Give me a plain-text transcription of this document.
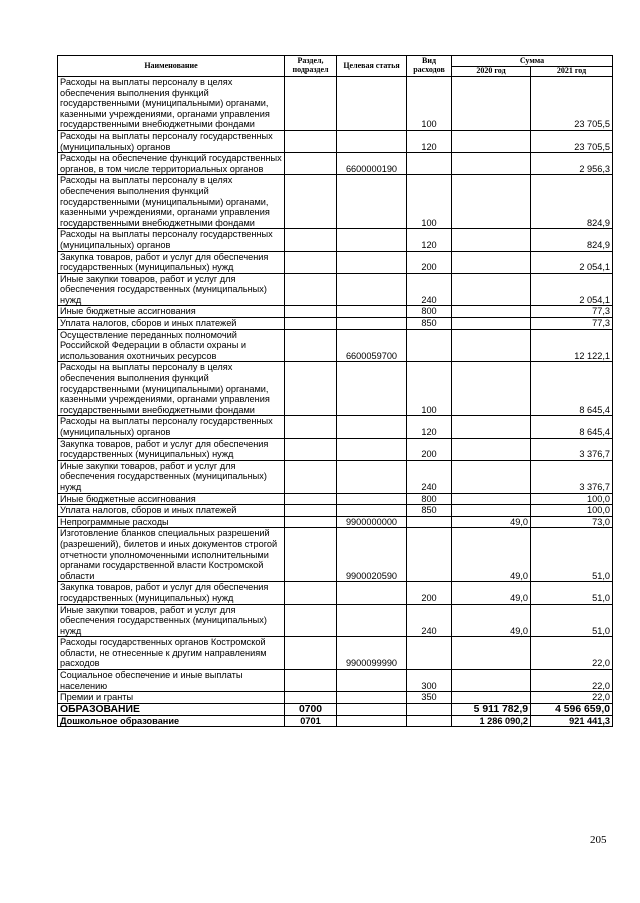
Наименование	Раздел, подраздел	Целевая статья	Вид расходов	Сумма	
				2020 год	2021 год
Расходы на выплаты персоналу в целях обеспечения выполнения функций государственными (муниципальными) органами, казенными учреждениями, органами управления государственными внебюджетными фондами			100		23 705,5
Расходы на выплаты персоналу государственных (муниципальных) органов			120		23 705,5
Расходы на обеспечение функций государственных органов, в том числе территориальных органов		6600000190			2 956,3
Расходы на выплаты персоналу в целях обеспечения выполнения функций государственными (муниципальными) органами, казенными учреждениями, органами управления государственными внебюджетными фондами			100		824,9
Расходы на выплаты персоналу государственных (муниципальных) органов			120		824,9
Закупка товаров, работ и услуг для обеспечения государственных (муниципальных) нужд			200		2 054,1
Иные закупки товаров, работ и услуг для обеспечения государственных (муниципальных) нужд			240		2 054,1
Иные бюджетные ассигнования			800		77,3
Уплата налогов, сборов и иных платежей			850		77,3
Осуществление переданных полномочий Российской Федерации в области охраны и использования охотничьих ресурсов		6600059700			12 122,1
Расходы на выплаты персоналу в целях обеспечения выполнения функций государственными (муниципальными) органами, казенными учреждениями, органами управления государственными внебюджетными фондами			100		8 645,4
Расходы на выплаты персоналу государственных (муниципальных) органов			120		8 645,4
Закупка товаров, работ и услуг для обеспечения государственных (муниципальных) нужд			200		3 376,7
Иные закупки товаров, работ и услуг для обеспечения государственных (муниципальных) нужд			240		3 376,7
Иные бюджетные ассигнования			800		100,0
Уплата налогов, сборов и иных платежей			850		100,0
Непрограммные расходы		9900000000		49,0	73,0
Изготовление бланков специальных разрешений (разрешений), билетов и иных документов строгой отчетности уполномоченными исполнительными органами государственной власти Костромской области		9900020590		49,0	51,0
Закупка товаров, работ и услуг для обеспечения государственных (муниципальных) нужд			200	49,0	51,0
Иные закупки товаров, работ и услуг для обеспечения государственных (муниципальных) нужд			240	49,0	51,0
Расходы государственных органов Костромской области, не отнесенные к другим направлениям расходов		9900099990			22,0
Социальное обеспечение и иные выплаты населению			300		22,0
Премии и гранты			350		22,0
ОБРАЗОВАНИЕ	0700			5 911 782,9	4 596 659,0
Дошкольное образование	0701			1 286 090,2	921 441,3
205
